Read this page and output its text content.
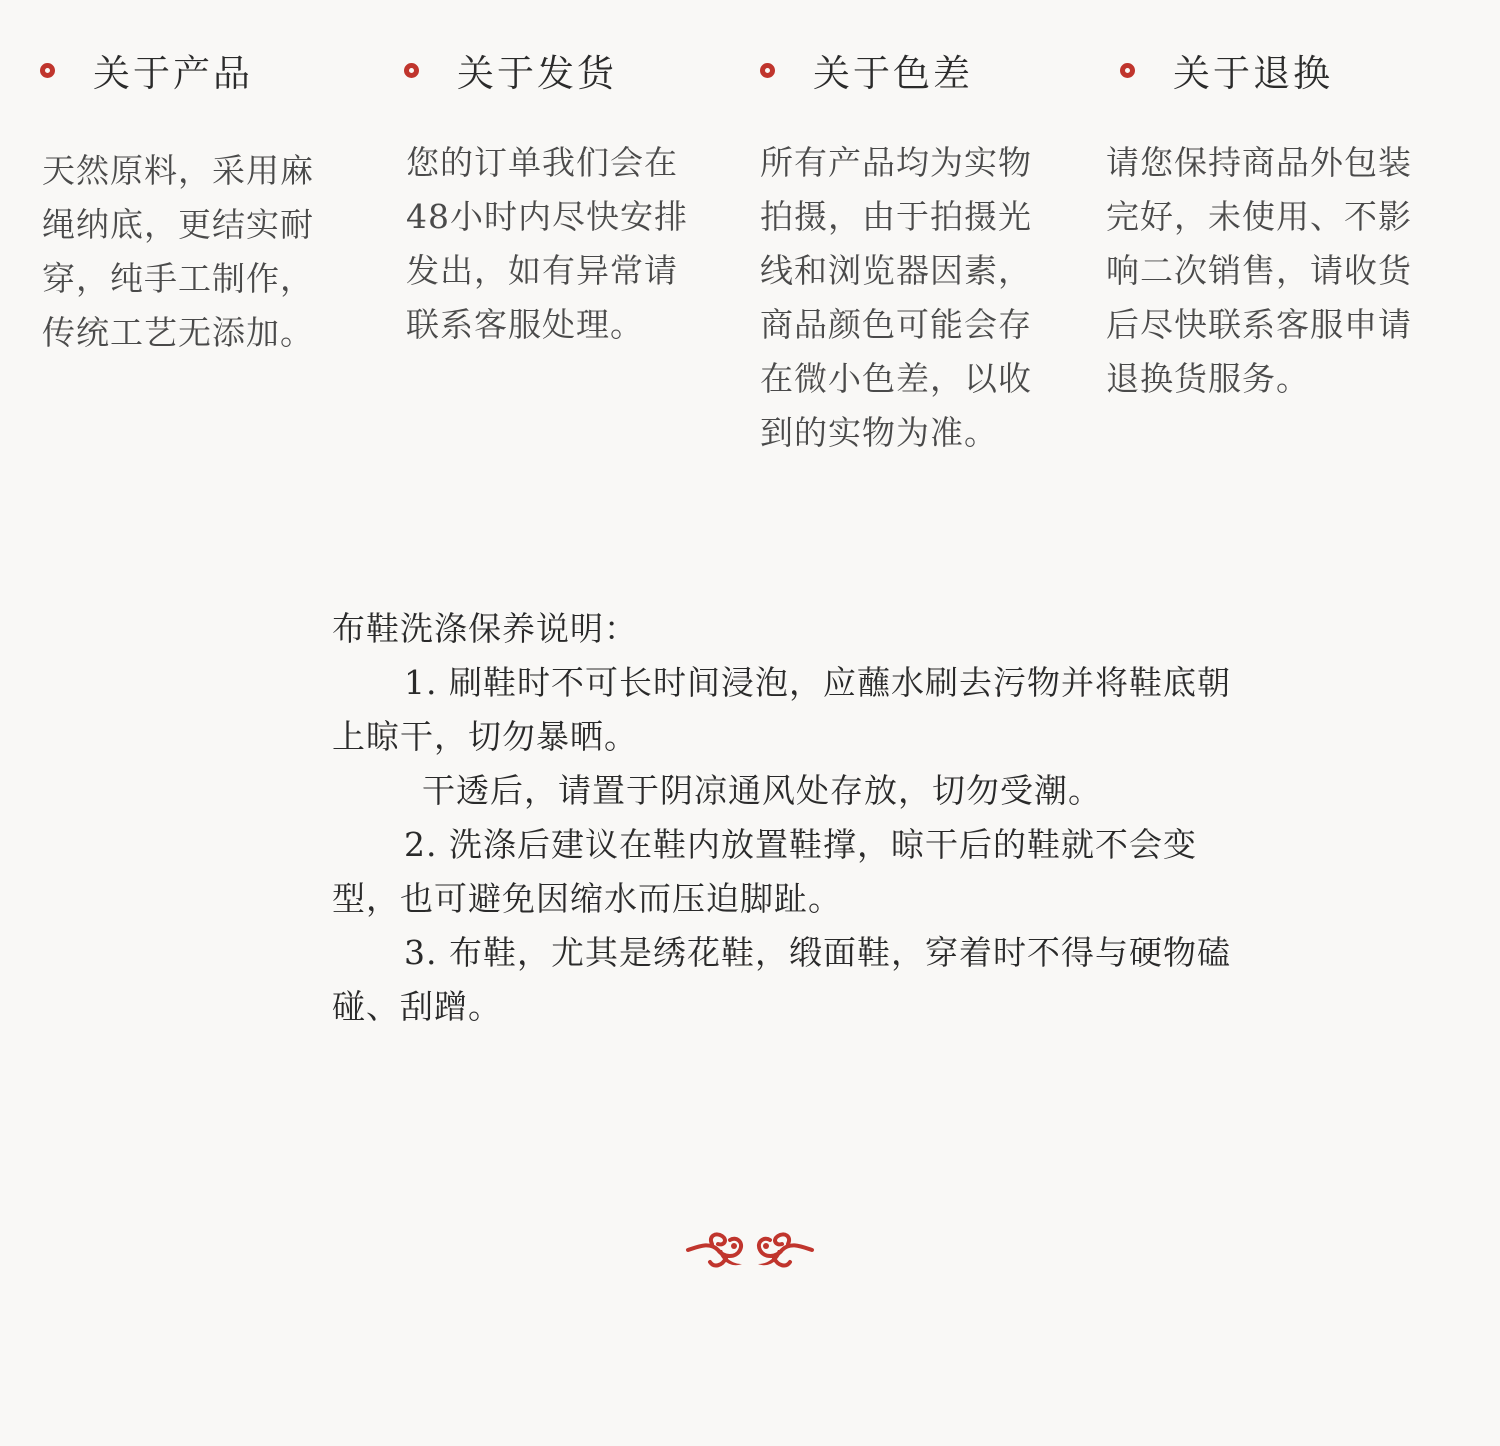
关于产品
天然原料，采用麻绳纳底，更结实耐穿，纯手工制作，传统工艺无添加。
关于发货
您的订单我们会在48小时内尽快安排发出，如有异常请联系客服处理。
关于色差
所有产品均为实物拍摄，由于拍摄光线和浏览器因素，商品颜色可能会存在微小色差，以收到的实物为准。
关于退换
请您保持商品外包装完好，未使用、不影响二次销售，请收货后尽快联系客服申请退换货服务。

布鞋洗涤保养说明：

1. 刷鞋时不可长时间浸泡，应蘸水刷去污物并将鞋底朝上晾干，切勿暴晒。

干透后，请置于阴凉通风处存放，切勿受潮。

2. 洗涤后建议在鞋内放置鞋撑，晾干后的鞋就不会变型，也可避免因缩水而压迫脚趾。

3. 布鞋，尤其是绣花鞋，缎面鞋，穿着时不得与硬物磕碰、刮蹭。
